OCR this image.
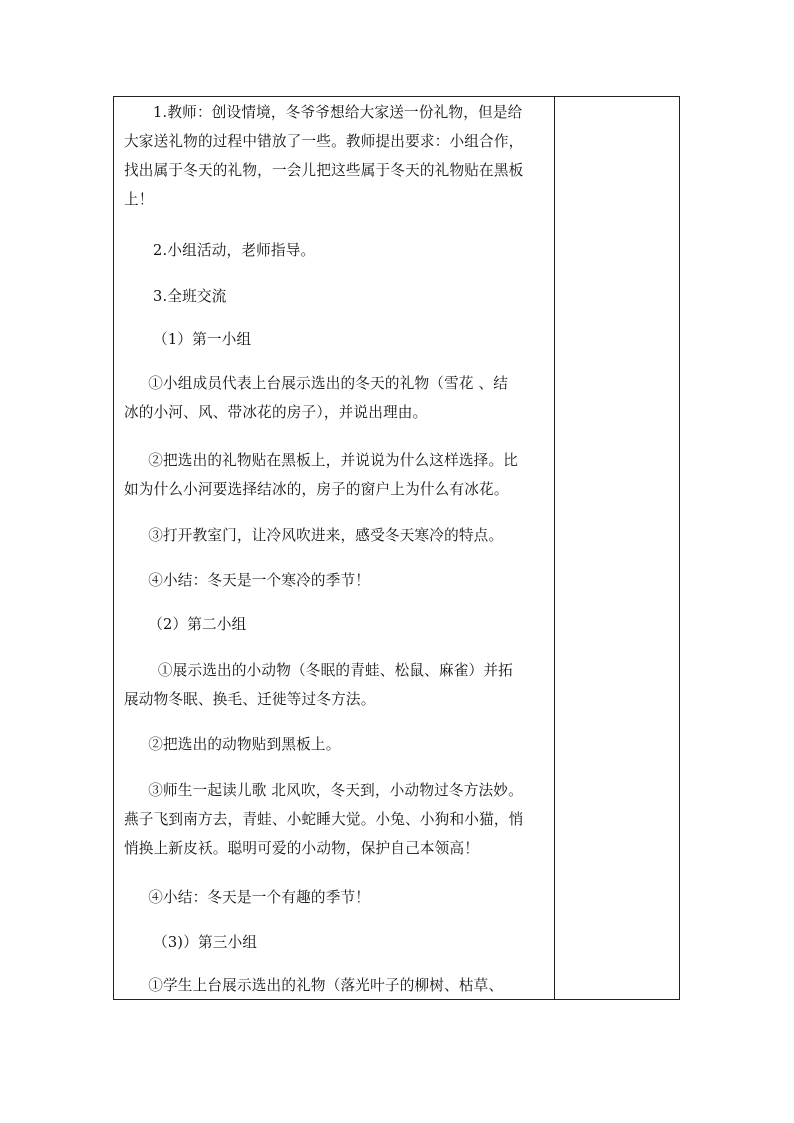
1.教师：创设情境，冬爷爷想给大家送一份礼物，但是给
大家送礼物的过程中错放了一些。教师提出要求：小组合作，
找出属于冬天的礼物，一会儿把这些属于冬天的礼物贴在黑板
上！

2.小组活动，老师指导。

3.全班交流

（1）第一小组

①小组成员代表上台展示选出的冬天的礼物（雪花 、结
冰的小河、风、带冰花的房子），并说出理由。

②把选出的礼物贴在黑板上，并说说为什么这样选择。比
如为什么小河要选择结冰的，房子的窗户上为什么有冰花。

③打开教室门，让冷风吹进来，感受冬天寒冷的特点。

④小结：冬天是一个寒冷的季节！

（2）第二小组

①展示选出的小动物（冬眠的青蛙、松鼠、麻雀）并拓
展动物冬眠、换毛、迁徙等过冬方法。

②把选出的动物贴到黑板上。

③师生一起读儿歌 北风吹，冬天到，小动物过冬方法妙。
燕子飞到南方去，青蛙、小蛇睡大觉。小兔、小狗和小猫，悄
悄换上新皮袄。聪明可爱的小动物，保护自己本领高！

④小结：冬天是一个有趣的季节！

（3)）第三小组

①学生上台展示选出的礼物（落光叶子的柳树、枯草、
